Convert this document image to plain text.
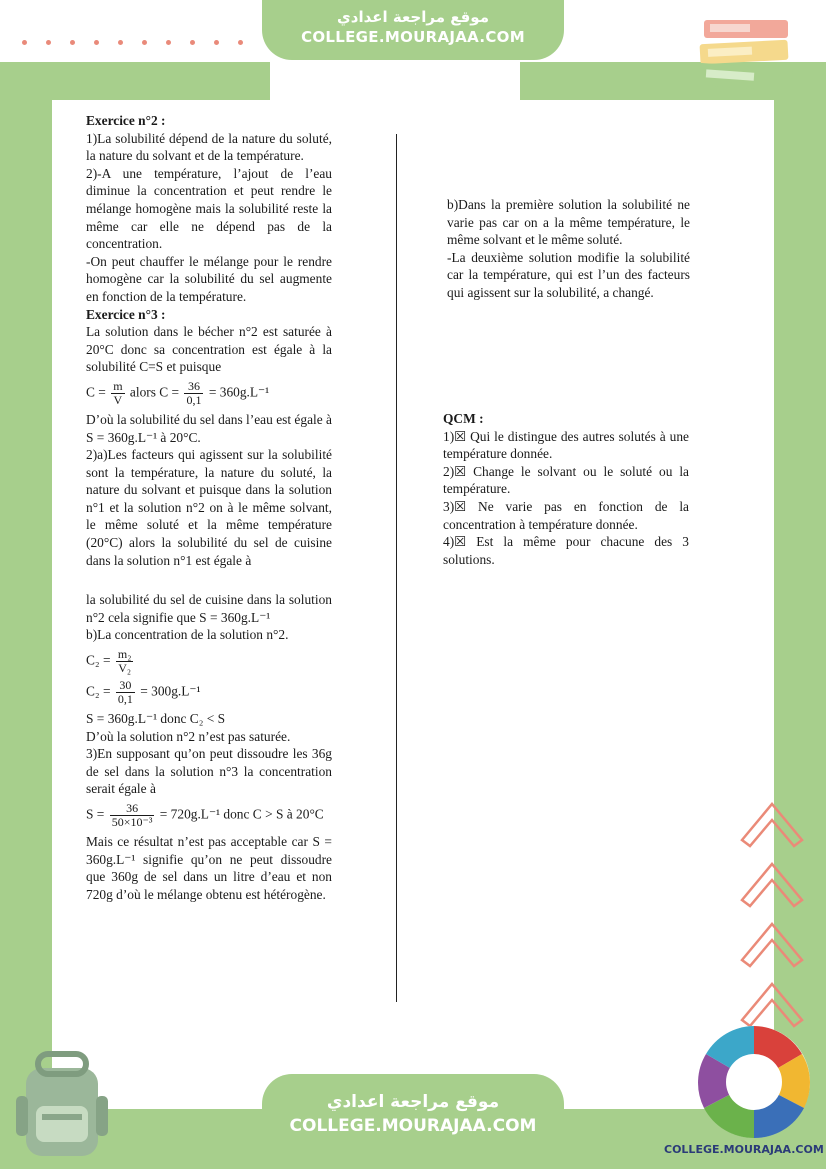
موقع مراجعة اعدادي
COLLEGE.MOURAJAA.COM

Exercice n°2 :

1)La solubilité dépend de la nature du soluté, la nature du solvant et de la température.

2)-A une température, l’ajout de l’eau diminue la concentration et peut rendre le mélange homogène mais la solubilité reste la même car elle ne dépend pas de la concentration.

-On peut chauffer le mélange pour le rendre homogène car la solubilité du sel augmente en fonction de la température.

Exercice n°3 :

La solution dans le bécher n°2 est saturée à 20°C donc sa concentration est égale à la solubilité C=S et puisque

$C = \frac{m}{V}$ alors $C = \frac{36}{0,1} = 360g.L^{-1}$

D’où la solubilité du sel dans l’eau est égale à S = 360g.L⁻¹ à 20°C.

2)a)Les facteurs qui agissent sur la solubilité sont la température, la nature du soluté, la nature du solvant et puisque dans la solution n°1 et la solution n°2 on à le même solvant, le même soluté et la même température (20°C) alors la solubilité du sel de cuisine dans la solution n°1 est égale à

la solubilité du sel de cuisine dans la solution n°2 cela signifie que S = 360g.L⁻¹

b)La concentration de la solution n°2.

$C_2 = \frac{\text{m₂}}{\text{V₂}}$
$C_2 = \frac{30}{0,1} = 300g.L^{-1}$

S = 360g.L⁻¹ donc C₂ < S

D’où la solution n°2 n’est pas saturée.

3)En supposant qu’on peut dissoudre les 36g de sel dans la solution n°3 la concentration serait égale à

$S = \frac{36}{\text{50×10⁻³}} = 720g.L^{-1}$ donc C > S à 20°C

Mais ce résultat n’est pas acceptable car S = 360g.L⁻¹ signifie qu’on ne peut dissoudre que 360g de sel dans un litre d’eau et non 720g d’où le mélange obtenu est hétérogène.

b)Dans la première solution la solubilité ne varie pas car on a la même température, le même solvant et le même soluté.

-La deuxième solution modifie la solubilité car la température, qui est l’un des facteurs qui agissent sur la solubilité, a changé.

QCM :

1)☒ Qui le distingue des autres solutés à une température donnée.

2)☒ Change le solvant ou le soluté ou la température.

3)☒ Ne varie pas en fonction de la concentration à température donnée.

4)☒ Est la même pour chacune des 3 solutions.

موقع مراجعة اعدادي
COLLEGE.MOURAJAA.COM
COLLEGE.MOURAJAA.COM
